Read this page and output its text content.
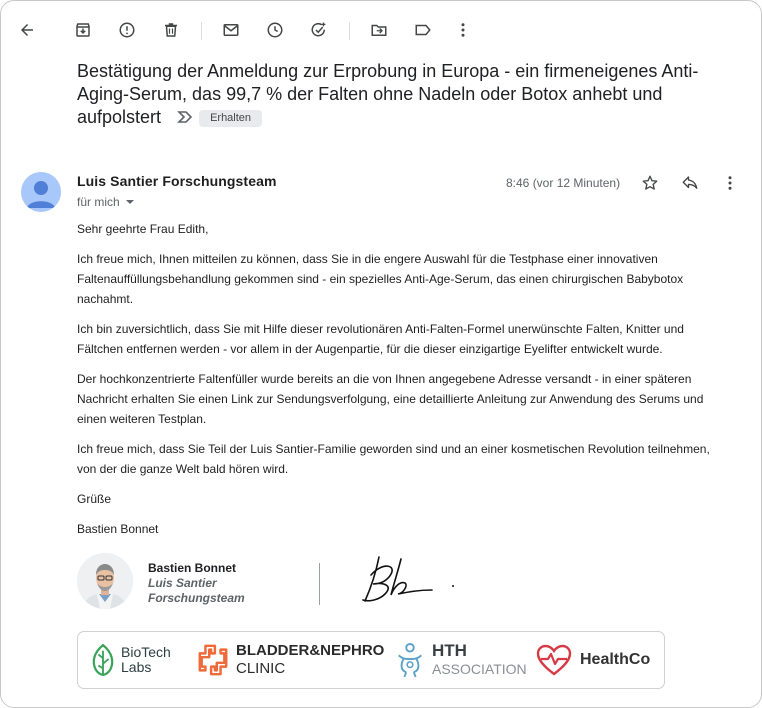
Bestätigung der Anmeldung zur Erprobung in Europa - ein firmeneigenes Anti-Aging-Serum, das 99,7 % der Falten ohne Nadeln oder Botox anhebt und aufpolstert	Erhalten
Luis Santier Forschungsteam
für mich
8:46 (vor 12 Minuten)

Sehr geehrte Frau Edith,

Ich freue mich, Ihnen mitteilen zu können, dass Sie in die engere Auswahl für die Testphase einer innovativen Faltenauffüllungsbehandlung gekommen sind - ein spezielles Anti-Age-Serum, das einen chirurgischen Babybotox nachahmt.

Ich bin zuversichtlich, dass Sie mit Hilfe dieser revolutionären Anti-Falten-Formel unerwünschte Falten, Knitter und Fältchen entfernen werden - vor allem in der Augenpartie, für die dieser einzigartige Eyelifter entwickelt wurde.

Der hochkonzentrierte Faltenfüller wurde bereits an die von Ihnen angegebene Adresse versandt - in einer späteren Nachricht erhalten Sie einen Link zur Sendungsverfolgung, eine detaillierte Anleitung zur Anwendung des Serums und einen weiteren Testplan.

Ich freue mich, dass Sie Teil der Luis Santier-Familie geworden sind und an einer kosmetischen Revolution teilnehmen, von der die ganze Welt bald hören wird.

Grüße

Bastien Bonnet

Bastien Bonnet
Luis Santier
Forschungsteam
BioTech
Labs
BLADDER&NEPHRO
CLINIC
HTH
ASSOCIATION
HealthCo
